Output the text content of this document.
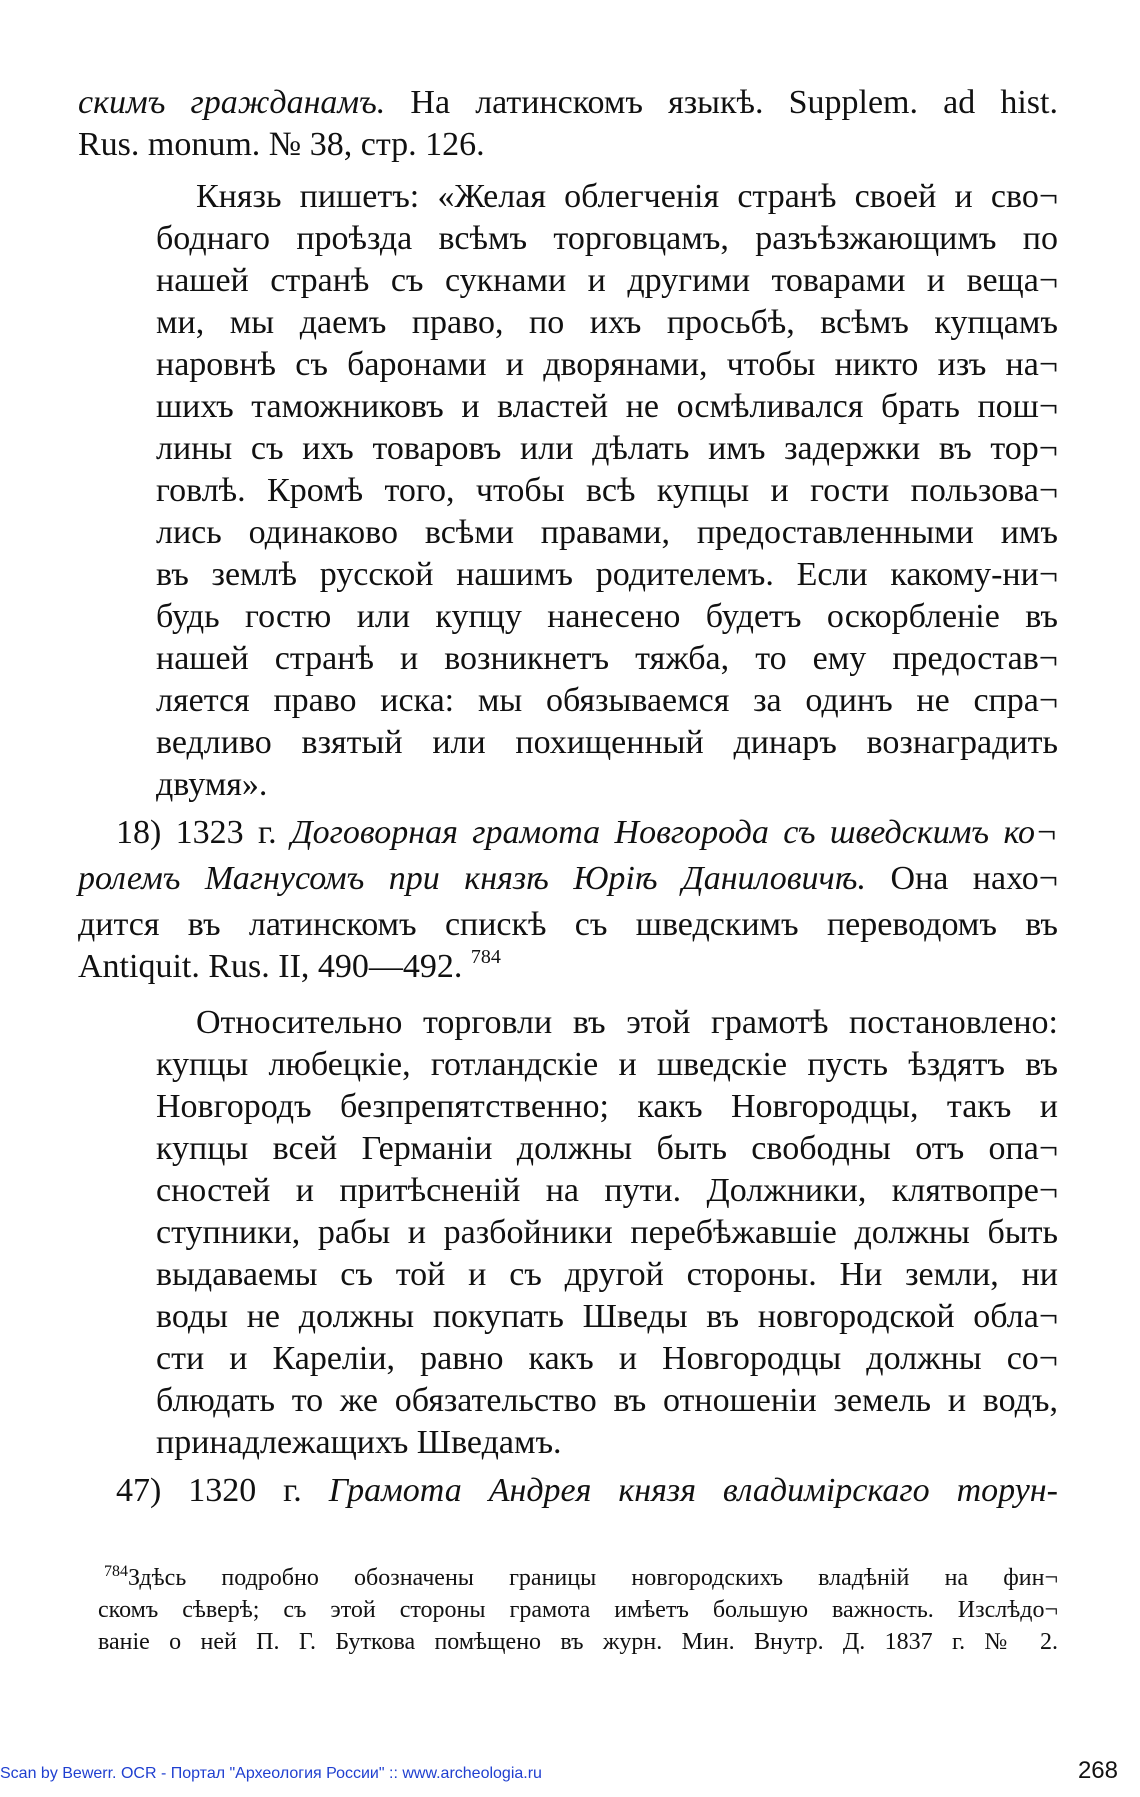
скимъ гражданамъ. На латинскомъ языкѣ. Supplem. ad hist.
Rus. monum. № 38, стр. 126.
Князь пишетъ: «Желая облегченія странѣ своей и сво¬
боднаго проѣзда всѣмъ торговцамъ, разъѣзжающимъ по
нашей странѣ съ сукнами и другими товарами и веща¬
ми, мы даемъ право, по ихъ просьбѣ, всѣмъ купцамъ
наровнѣ съ баронами и дворянами, чтобы никто изъ на¬
шихъ таможниковъ и властей не осмѣливался брать пош¬
лины съ ихъ товаровъ или дѣлать имъ задержки въ тор¬
говлѣ. Кромѣ того, чтобы всѣ купцы и гости пользова¬
лись одинаково всѣми правами, предоставленными имъ
въ землѣ русской нашимъ родителемъ. Если какому-ни¬
будь гостю или купцу нанесено будетъ оскорбленіе въ
нашей странѣ и возникнетъ тяжба, то ему предостав¬
ляется право иска: мы обязываемся за одинъ не спра¬
ведливо взятый или похищенный динаръ вознаградить
двумя».
18) 1323 г. Договорная грамота Новгорода съ шведскимъ ко¬
ролемъ Магнусомъ при князѣ Юріѣ Даниловичѣ. Она нахо¬
дится въ латинскомъ спискѣ съ шведскимъ переводомъ въ
Antiquit. Rus. II, 490—492. $^{784}$
Относительно торговли въ этой грамотѣ постановлено:
купцы любецкіе, готландскіе и шведскіе пусть ѣздятъ въ
Новгородъ безпрепятственно; какъ Новгородцы, такъ и
купцы всей Германіи должны быть свободны отъ опа¬
сностей и притѣсненій на пути. Должники, клятвопре¬
ступники, рабы и разбойники перебѣжавшіе должны быть
выдаваемы съ той и съ другой стороны. Ни земли, ни
воды не должны покупать Шведы въ новгородской обла¬
сти и Кареліи, равно какъ и Новгородцы должны со¬
блюдать то же обязательство въ отношеніи земель и водъ,
принадлежащихъ Шведамъ.
47) 1320 г. Грамота Андрея князя владимірскаго торун-
$^{784}$Здѣсь подробно обозначены границы новгородскихъ владѣній на фин¬
скомъ сѣверѣ; съ этой стороны грамота имѣетъ большую важность. Изслѣдо¬
ваніе о ней П. Г. Буткова помѣщено въ журн. Мин. Внутр. Д. 1837 г. № 2.
Scan by Bewerr. OCR - Портал "Археология России" :: www.archeologia.ru	268
